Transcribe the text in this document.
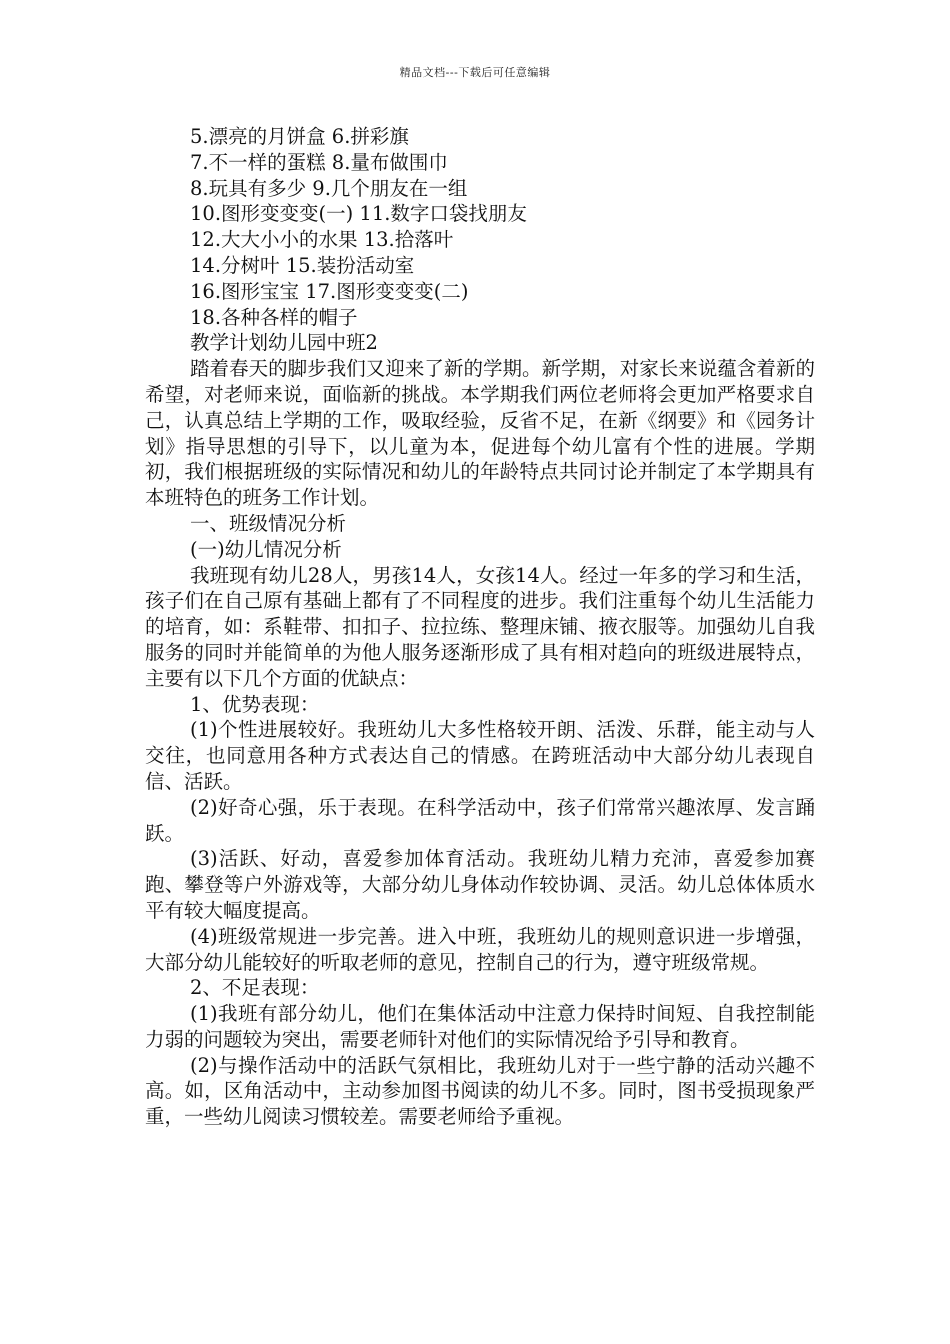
精品文档---下载后可任意编辑

5.漂亮的月饼盒 6.拼彩旗

7.不一样的蛋糕 8.量布做围巾

8.玩具有多少 9.几个朋友在一组

10.图形变变变(一) 11.数字口袋找朋友

12.大大小小的水果 13.拾落叶

14.分树叶 15.装扮活动室

16.图形宝宝 17.图形变变变(二)

18.各种各样的帽子

教学计划幼儿园中班2

踏着春天的脚步我们又迎来了新的学期。新学期，对家长来说蕴含着新的希望，对老师来说，面临新的挑战。本学期我们两位老师将会更加严格要求自己，认真总结上学期的工作，吸取经验，反省不足，在新《纲要》和《园务计划》指导思想的引导下，以儿童为本，促进每个幼儿富有个性的进展。学期初，我们根据班级的实际情况和幼儿的年龄特点共同讨论并制定了本学期具有本班特色的班务工作计划。

一、班级情况分析

(一)幼儿情况分析

我班现有幼儿28人，男孩14人，女孩14人。经过一年多的学习和生活，孩子们在自己原有基础上都有了不同程度的进步。我们注重每个幼儿生活能力的培育，如：系鞋带、扣扣子、拉拉练、整理床铺、掖衣服等。加强幼儿自我服务的同时并能简单的为他人服务逐渐形成了具有相对趋向的班级进展特点，主要有以下几个方面的优缺点：

1、优势表现：

(1)个性进展较好。我班幼儿大多性格较开朗、活泼、乐群，能主动与人交往，也同意用各种方式表达自己的情感。在跨班活动中大部分幼儿表现自信、活跃。

(2)好奇心强，乐于表现。在科学活动中，孩子们常常兴趣浓厚、发言踊跃。

(3)活跃、好动，喜爱参加体育活动。我班幼儿精力充沛，喜爱参加赛跑、攀登等户外游戏等，大部分幼儿身体动作较协调、灵活。幼儿总体体质水平有较大幅度提高。

(4)班级常规进一步完善。进入中班，我班幼儿的规则意识进一步增强，大部分幼儿能较好的听取老师的意见，控制自己的行为，遵守班级常规。

2、不足表现：

(1)我班有部分幼儿，他们在集体活动中注意力保持时间短、自我控制能力弱的问题较为突出，需要老师针对他们的实际情况给予引导和教育。

(2)与操作活动中的活跃气氛相比，我班幼儿对于一些宁静的活动兴趣不高。如，区角活动中，主动参加图书阅读的幼儿不多。同时，图书受损现象严重，一些幼儿阅读习惯较差。需要老师给予重视。
